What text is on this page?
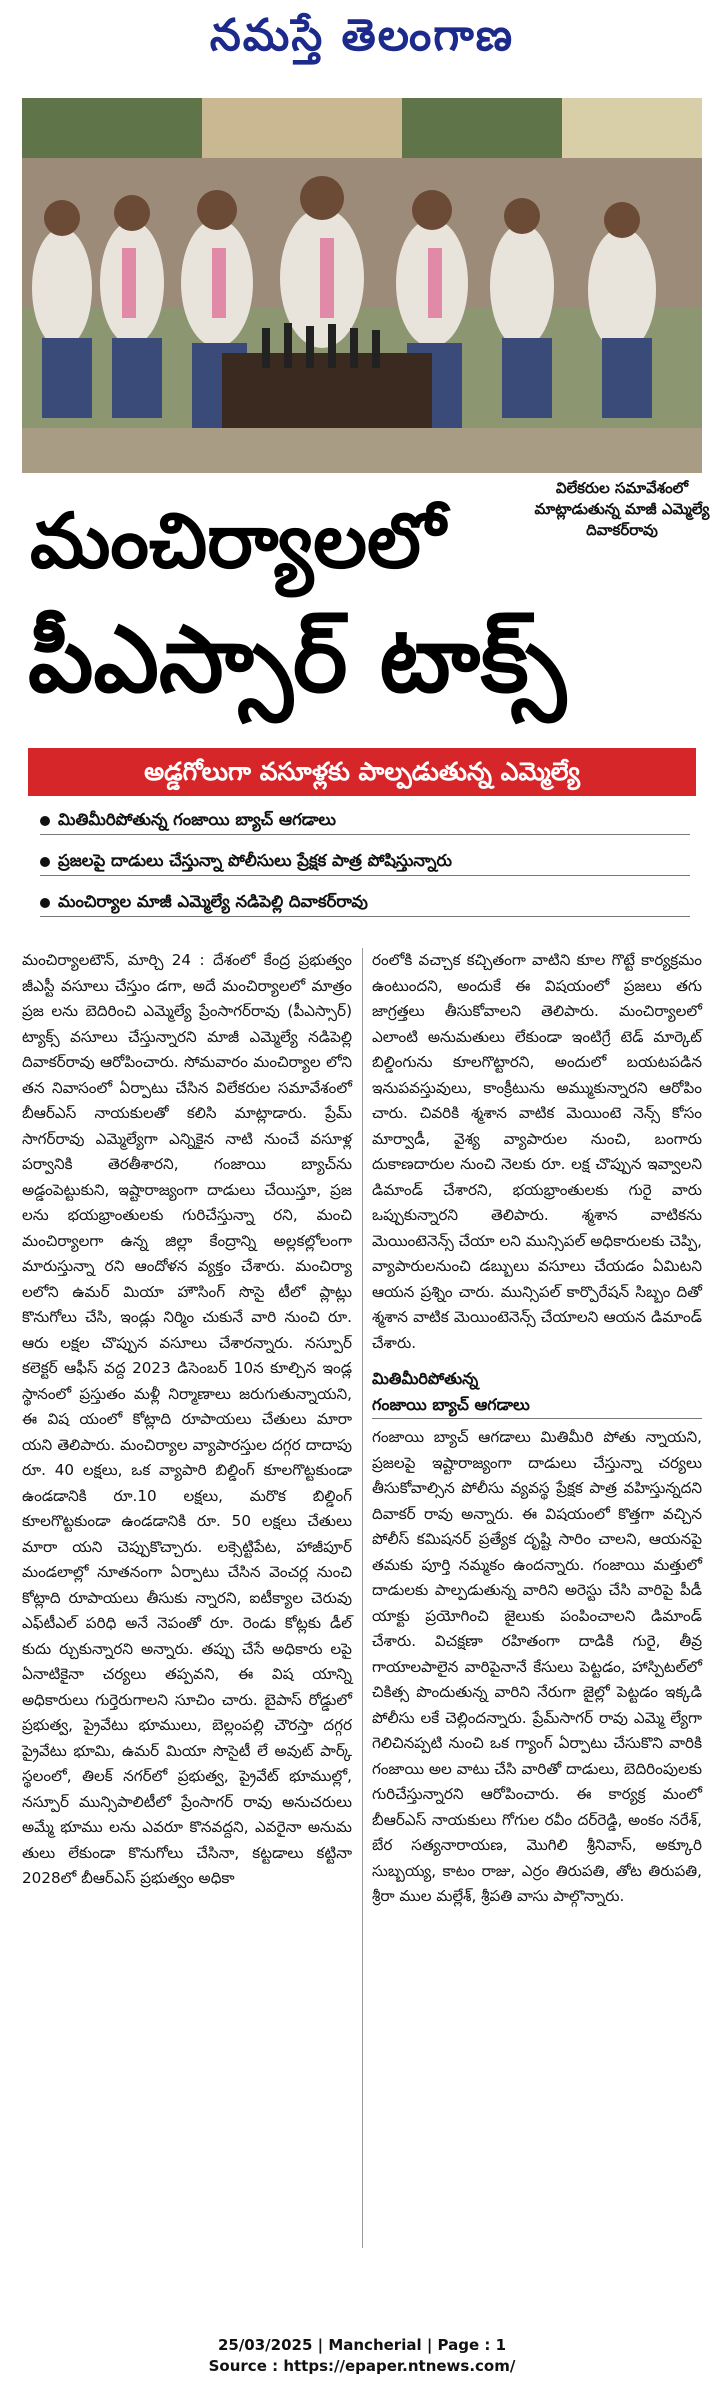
నమస్తే తెలంగాణ
విలేకరుల సమావేశంలో
మాట్లాడుతున్న మాజీ ఎమ్మెల్యే
దివాకర్‌రావు
మంచిర్యాలలో
పీఎస్సార్ టాక్స్
అడ్డగోలుగా వసూళ్లకు పాల్పడుతున్న ఎమ్మెల్యే
మితిమీరిపోతున్న గంజాయి బ్యాచ్ ఆగడాలు
ప్రజలపై దాడులు చేస్తున్నా పోలీసులు ప్రేక్షక పాత్ర పోషిస్తున్నారు
మంచిర్యాల మాజీ ఎమ్మెల్యే నడిపెల్లి దివాకర్‌రావు

మంచిర్యాలటౌన్, మార్చి 24 : దేశంలో కేంద్ర ప్రభుత్వం జీఎస్టీ వసూలు చేస్తుం డగా, అదే మంచిర్యాలలో మాత్రం ప్రజ లను బెదిరించి ఎమ్మెల్యే ప్రేంసాగర్‌రావు (పీఎస్సార్) ట్యాక్స్ వసూలు చేస్తున్నారని మాజీ ఎమ్మెల్యే నడిపెల్లి దివాకర్‌రావు ఆరోపించారు. సోమవారం మంచిర్యాల లోని తన నివాసంలో ఏర్పాటు చేసిన విలేకరుల సమావేశంలో బీఆర్‌ఎస్ నాయకులతో కలిసి మాట్లాడారు. ప్రేమ్ సాగర్‌రావు ఎమ్మెల్యేగా ఎన్నికైన నాటి నుంచే వసూళ్ల పర్వానికి తెరతీశారని, గంజాయి బ్యాచ్‌ను అడ్డంపెట్టుకుని, ఇష్టారాజ్యంగా దాడులు చేయిస్తూ, ప్రజ లను భయభ్రాంతులకు గురిచేస్తున్నా రని, మంచి మంచిర్యాలగా ఉన్న జిల్లా కేంద్రాన్ని అల్లకల్లోలంగా మారుస్తున్నా రని ఆందోళన వ్యక్తం చేశారు. మంచిర్యా లలోని ఉమర్ మియా హౌసింగ్ సొసై టీలో ప్లాట్లు కొనుగోలు చేసి, ఇండ్లు నిర్మిం చుకునే వారి నుంచి రూ. ఆరు లక్షల చొప్పున వసూలు చేశారన్నారు. నస్పూర్ కలెక్టర్ ఆఫీస్ వద్ద 2023 డిసెంబర్ 10న కూల్చిన ఇండ్ల స్థానంలో ప్రస్తుతం మళ్లీ నిర్మాణాలు జరుగుతున్నాయని, ఈ విష యంలో కోట్లాది రూపాయలు చేతులు మారా యని తెలిపారు. మంచిర్యాల వ్యాపారస్తుల దగ్గర దాదాపు రూ. 40 లక్షలు, ఒక వ్యాపారి బిల్డింగ్ కూలగొట్టకుండా ఉండడానికి రూ.10 లక్షలు, మరొక బిల్డింగ్ కూలగొట్టకుండా ఉండడానికి రూ. 50 లక్షలు చేతులు మారా యని చెప్పుకొచ్చారు. లక్సెట్టిపేట, హాజీపూర్ మండలాల్లో నూతనంగా ఏర్పాటు చేసిన వెంచర్ల నుంచి కోట్లాది రూపాయలు తీసుకు న్నారని, ఐటీక్యాల చెరువు ఎఫ్‌టీఎల్ పరిధి అనే నెపంతో రూ. రెండు కోట్లకు డీల్ కుదు ర్చుకున్నారని అన్నారు. తప్పు చేసే అధికారు లపై ఏనాటికైనా చర్యలు తప్పవని, ఈ విష యాన్ని అధికారులు గుర్తెరుగాలని సూచిం చారు. బైపాస్ రోడ్డులో ప్రభుత్వ, ప్రైవేటు భూములు, బెల్లంపల్లి చౌరస్తా దగ్గర ప్రైవేటు భూమి, ఉమర్ మియా సొసైటీ లే అవుట్ పార్క్ స్థలంలో, తిలక్ నగర్‌లో ప్రభుత్వ, ప్రైవేట్ భూముల్లో, నస్పూర్ మున్సిపాలిటీలో ప్రేంసాగర్ రావు అనుచరులు అమ్మే భూము లను ఎవరూ కొనవద్దని, ఎవరైనా అనుమ తులు లేకుండా కొనుగోలు చేసినా, కట్టడాలు కట్టినా 2028లో బీఆర్‌ఎస్ ప్రభుత్వం అధికా

రంలోకి వచ్చాక కచ్చితంగా వాటిని కూల గొట్టే కార్యక్రమం ఉంటుందని, అందుకే ఈ విషయంలో ప్రజలు తగు జాగ్రత్తలు తీసుకోవాలని తెలిపారు. మంచిర్యాలలో ఎలాంటి అనుమతులు లేకుండా ఇంటిగ్రే టెడ్ మార్కెట్ బిల్డింగును కూలగొట్టారని, అందులో బయటపడిన ఇనుపవస్తువులు, కాంక్రీటును అమ్ముకున్నారని ఆరోపిం చారు. చివరికి శ్మశాన వాటిక మెయింటె నెన్స్ కోసం మార్వాడీ, వైశ్య వ్యాపారుల నుంచి, బంగారు దుకాణదారుల నుంచి నెలకు రూ. లక్ష చొప్పున ఇవ్వాలని డిమాండ్ చేశారని, భయభ్రాంతులకు గురై వారు ఒప్పుకున్నారని తెలిపారు. శ్మశాన వాటికను మెయింటెనెన్స్ చేయా లని మున్సిపల్ అధికారులకు చెప్పి, వ్యాపారులనుంచి డబ్బులు వసూలు చేయడం ఏమిటని ఆయన ప్రశ్నిం చారు. మున్సిపల్ కార్పొరేషన్ సిబ్బం దితో శ్మశాన వాటిక మెయింటెనెన్స్ చేయాలని ఆయన డిమాండ్ చేశారు.

మితిమీరిపోతున్న
గంజాయి బ్యాచ్ ఆగడాలు

గంజాయి బ్యాచ్ ఆగడాలు మితిమీరి పోతు న్నాయని, ప్రజలపై ఇష్టారాజ్యంగా దాడులు చేస్తున్నా చర్యలు తీసుకోవాల్సిన పోలీసు వ్యవస్థ ప్రేక్షక పాత్ర వహిస్తున్నదని దివాకర్ రావు అన్నారు. ఈ విషయంలో కొత్తగా వచ్చిన పోలీస్ కమిషనర్ ప్రత్యేక దృష్టి సారిం చాలని, ఆయనపై తమకు పూర్తి నమ్మకం ఉందన్నారు. గంజాయి మత్తులో దాడులకు పాల్పడుతున్న వారిని అరెస్టు చేసి వారిపై పీడీ యాక్టు ప్రయోగించి జైలుకు పంపించాలని డిమాండ్ చేశారు. విచక్షణా రహితంగా దాడికి గురై, తీవ్ర గాయాలపాలైన వారిపైనానే కేసులు పెట్టడం, హాస్పిటల్‌లో చికిత్స పొందుతున్న వారిని నేరుగా జైల్లో పెట్టడం ఇక్కడి పోలీసు లకే చెల్లిందన్నారు. ప్రేమ్‌సాగర్ రావు ఎమ్మె ల్యేగా గెలిచినప్పటి నుంచి ఒక గ్యాంగ్ ఏర్పాటు చేసుకొని వారికి గంజాయి అల వాటు చేసి వారితో దాడులు, బెదిరింపులకు గురిచేస్తున్నారని ఆరోపించారు. ఈ కార్యక్ర మంలో బీఆర్‌ఎస్ నాయకులు గోగుల రవీం దర్‌రెడ్డి, అంకం నరేశ్, బేర సత్యనారాయణ, మొగిలి శ్రీనివాస్, అక్కూరి సుబ్బయ్య, కాటం రాజు, ఎర్రం తిరుపతి, తోట తిరుపతి, శ్రీరా ముల మల్లేశ్, శ్రీపతి వాసు పాల్గొన్నారు.

25/03/2025 | Mancherial | Page : 1
Source : https://epaper.ntnews.com/
